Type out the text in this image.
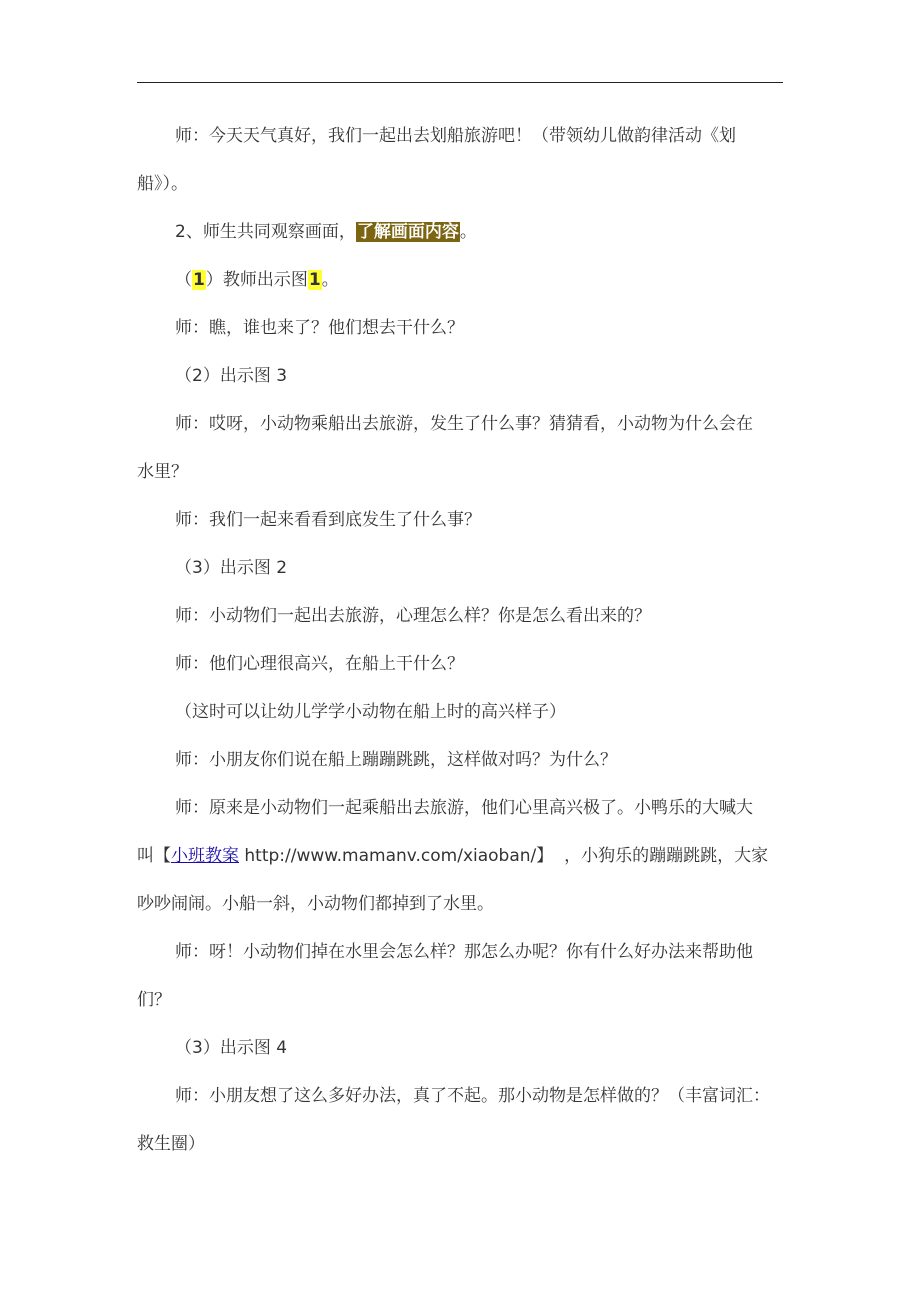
师：今天天气真好，我们一起出去划船旅游吧！（带领幼儿做韵律活动《划
船》）。
2、师生共同观察画面，了解画面内容。
（1）教师出示图1。
师：瞧，谁也来了？他们想去干什么？
（2）出示图 3
师：哎呀，小动物乘船出去旅游，发生了什么事？猜猜看，小动物为什么会在
水里？
师：我们一起来看看到底发生了什么事？
（3）出示图 2
师：小动物们一起出去旅游，心理怎么样？你是怎么看出来的？
师：他们心理很高兴，在船上干什么？
（这时可以让幼儿学学小动物在船上时的高兴样子）
师：小朋友你们说在船上蹦蹦跳跳，这样做对吗？为什么？
师：原来是小动物们一起乘船出去旅游，他们心里高兴极了。小鸭乐的大喊大
叫【小班教案 http://www.mamanv.com/xiaoban/】  ，小狗乐的蹦蹦跳跳，大家
吵吵闹闹。小船一斜，小动物们都掉到了水里。
师：呀！小动物们掉在水里会怎么样？那怎么办呢？你有什么好办法来帮助他
们？
（3）出示图 4
师：小朋友想了这么多好办法，真了不起。那小动物是怎样做的？（丰富词汇：
救生圈）
